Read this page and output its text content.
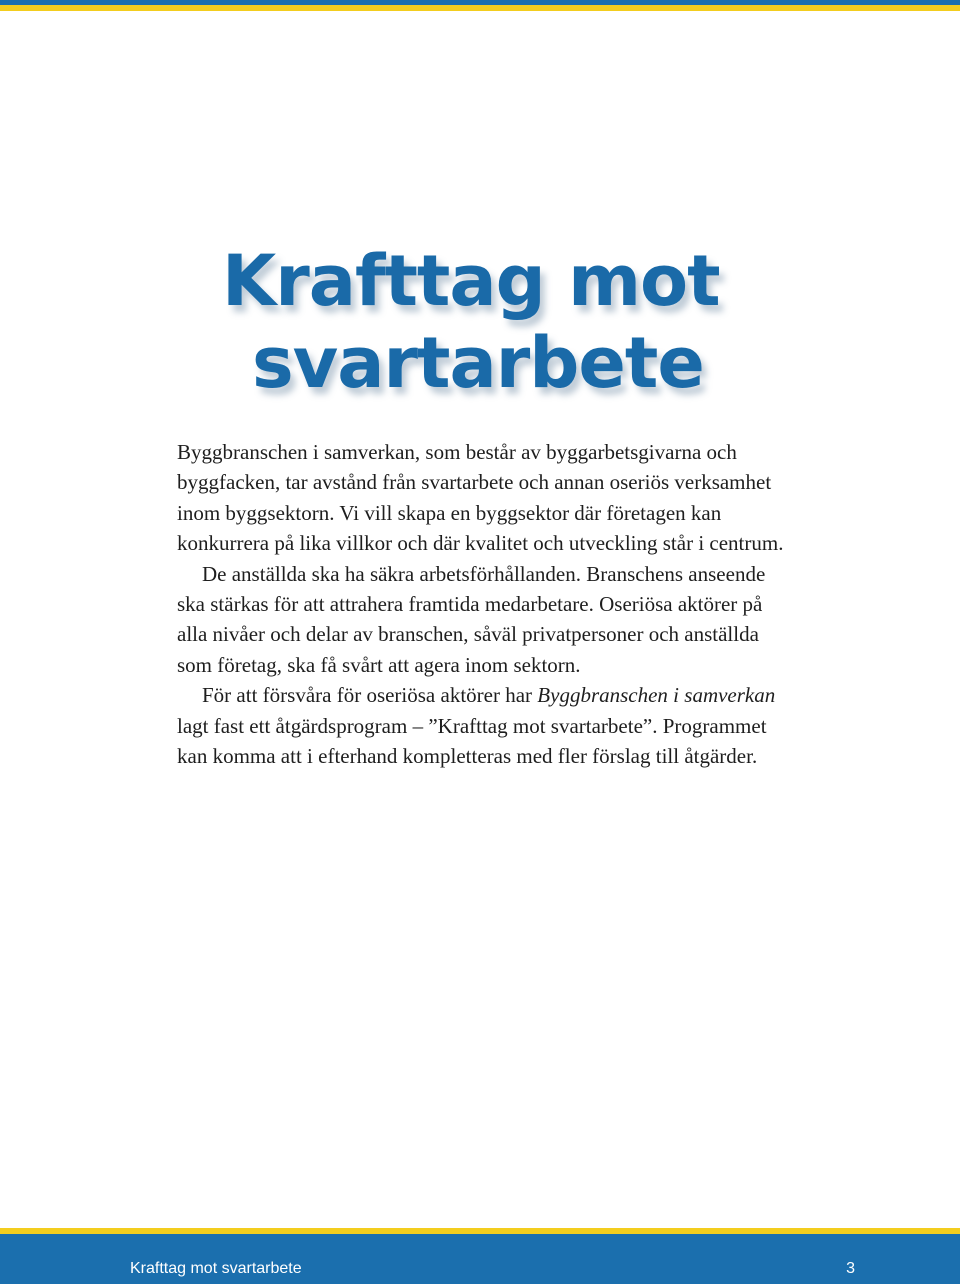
Krafttag mot
svartarbete

Byggbranschen i samverkan, som består av byggarbetsgivarna och byggfacken, tar avstånd från svartarbete och annan oseriös verksamhet inom byggsektorn. Vi vill skapa en byggsektor där företagen kan konkurrera på lika villkor och där kvalitet och utveckling står i centrum.

De anställda ska ha säkra arbetsförhållanden. Branschens anseende ska stärkas för att attrahera framtida medarbetare. Oseriösa aktörer på alla nivåer och delar av branschen, såväl privatpersoner och anställda som företag, ska få svårt att agera inom sektorn.

För att försvåra för oseriösa aktörer har Byggbranschen i samverkan lagt fast ett åtgärdsprogram – ”Krafttag mot svartarbete”. Programmet kan komma att i efterhand kompletteras med fler förslag till åtgärder.

Krafttag mot svartarbete	3
